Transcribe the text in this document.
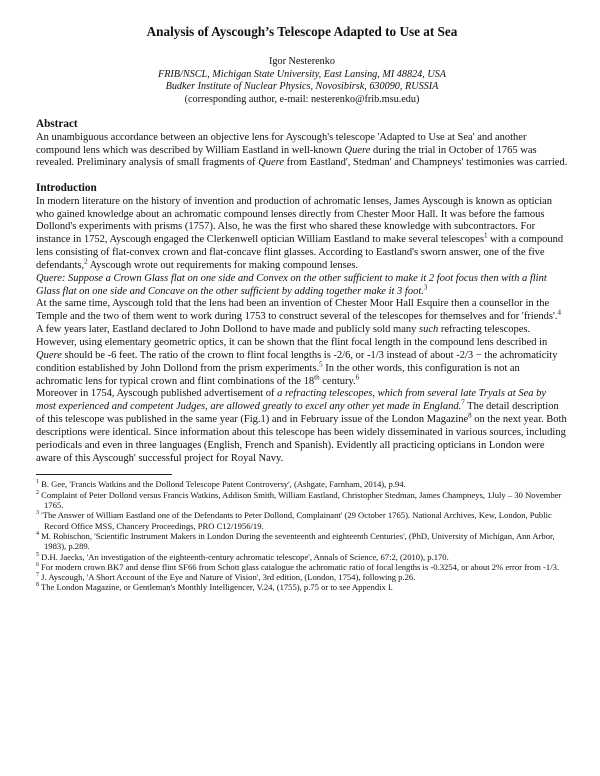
Analysis of Ayscough’s Telescope Adapted to Use at Sea
Igor Nesterenko
FRIB/NSCL, Michigan State University, East Lansing, MI 48824, USA
Budker Institute of Nuclear Physics, Novosibirsk, 630090, RUSSIA
(corresponding author, e-mail: nesterenko@frib.msu.edu)
Abstract

An unambiguous accordance between an objective lens for Ayscough's telescope 'Adapted to Use at Sea' and another compound lens which was described by William Eastland in well-known Quere during the trial in October of 1765 was revealed. Preliminary analysis of small fragments of Quere from Eastland', Stedman' and Champneys' testimonies was carried.

Introduction

In modern literature on the history of invention and production of achromatic lenses, James Ayscough is known as optician who gained knowledge about an achromatic compound lenses directly from Chester Moor Hall. It was before the famous Dollond's experiments with prisms (1757). Also, he was the first who shared these knowledge with subcontractors. For instance in 1752, Ayscough engaged the Clerkenwell optician William Eastland to make several telescopes$^1$ with a compound lens consisting of flat-convex crown and flat-concave flint glasses. According to Eastland's sworn answer, one of the five defendants,$^2$ Ayscough wrote out requirements for making compound lenses.

Quere: Suppose a Crown Glass flat on one side and Convex on the other sufficient to make it 2 foot focus then with a flint Glass flat on one side and Concave on the other sufficient by adding together make it 3 foot.$^3$

At the same time, Ayscough told that the lens had been an invention of Chester Moor Hall Esquire then a counsellor in the Temple and the two of them went to work during 1753 to construct several of the telescopes for themselves and for 'friends'.$^4$ A few years later, Eastland declared to John Dollond to have made and publicly sold many such refracting telescopes.

However, using elementary geometric optics, it can be shown that the flint focal length in the compound lens described in Quere should be -6 feet. The ratio of the crown to flint focal lengths is -2/6, or -1/3 instead of about -2/3 − the achromaticity condition established by John Dollond from the prism experiments.$^5$ In the other words, this configuration is not an achromatic lens for typical crown and flint combinations of the 18th century.$^6$

Moreover in 1754, Ayscough published advertisement of a refracting telescopes, which from several late Tryals at Sea by most experienced and competent Judges, are allowed greatly to excel any other yet made in England.$^7$ The detail description of this telescope was published in the same year (Fig.1) and in February issue of the London Magazine$^8$ on the next year. Both descriptions were identical. Since information about this telescope has been widely disseminated in various sources, including periodicals and even in three languages (English, French and Spanish). Evidently all practicing opticians in London were aware of this Ayscough' successful project for Royal Navy.

$^1$ B. Gee, 'Francis Watkins and the Dollond Telescope Patent Controversy', (Ashgate, Farnham, 2014), p.94.

$^2$ Complaint of Peter Dollond versus Francis Watkins, Addison Smith, William Eastland, Christopher Stedman, James Champneys, 1July – 30 November 1765.

$^3$ 'The Answer of William Eastland one of the Defendants to Peter Dollond, Complainant' (29 October 1765). National Archives, Kew, London, Public Record Office MSS, Chancery Proceedings, PRO C12/1956/19.

$^4$ M. Robischon, 'Scientific Instrument Makers in London During the seventeenth and eighteenth Centuries', (PhD, University of Michigan, Ann Arbor, 1983), p.289.

$^5$ D.H. Jaecks, 'An investigation of the eighteenth-century achromatic telescope', Annals of Science, 67:2, (2010), p.170.

$^6$ For modern crown BK7 and dense flint SF66 from Schott glass catalogue the achromatic ratio of focal lengths is -0.3254, or about 2% error from -1/3.

$^7$ J. Ayscough, 'A Short Account of the Eye and Nature of Vision', 3rd edition, (London, 1754), following p.26.

$^8$ The London Magazine, or Gentleman's Monthly Intelligencer, V.24, (1755), p.75 or to see Appendix I.
